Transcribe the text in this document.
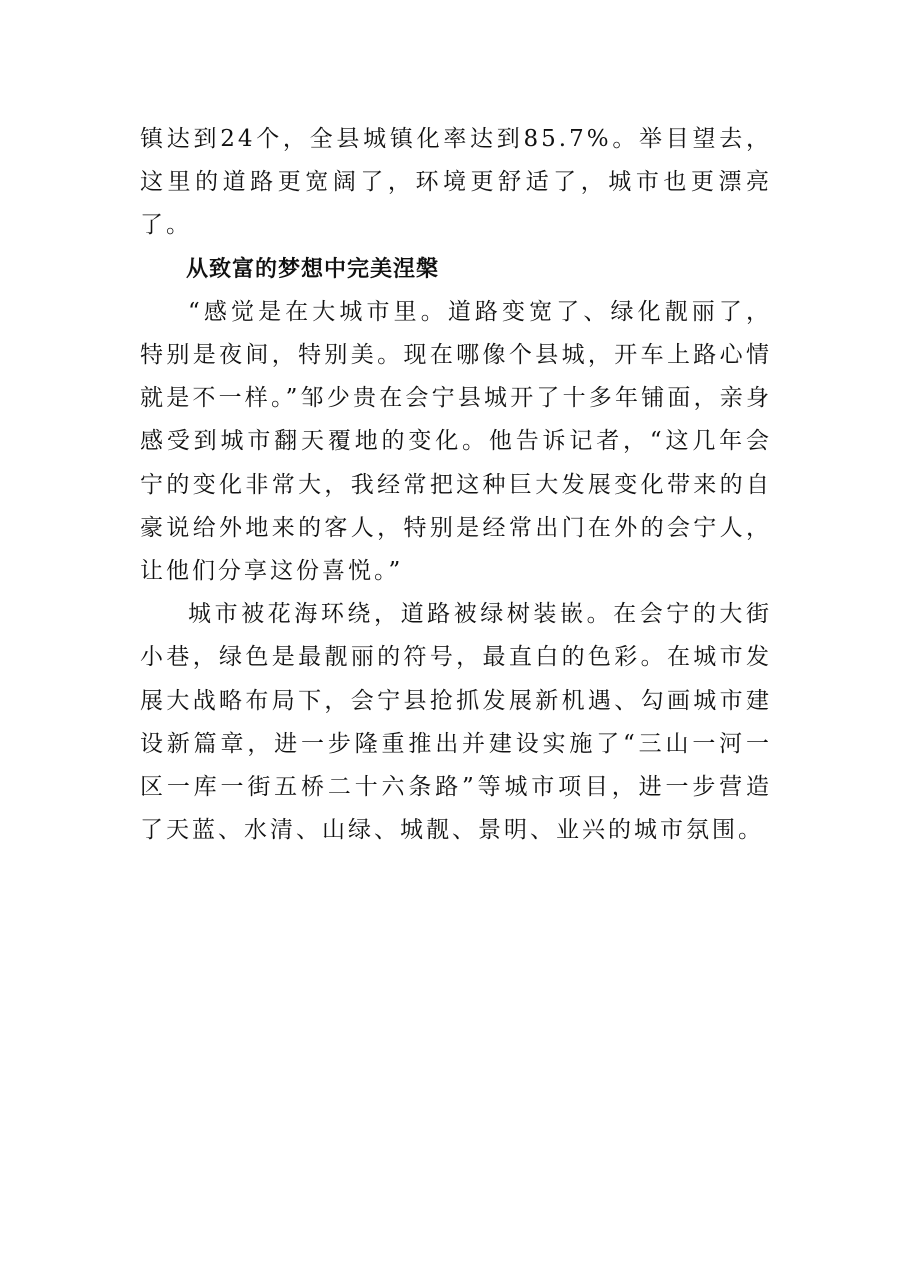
镇达到24个，全县城镇化率达到85.7%。举目望去，这里的道路更宽阔了，环境更舒适了，城市也更漂亮了。

从致富的梦想中完美涅槃

“感觉是在大城市里。道路变宽了、绿化靓丽了，特别是夜间，特别美。现在哪像个县城，开车上路心情就是不一样。”邹少贵在会宁县城开了十多年铺面，亲身感受到城市翻天覆地的变化。他告诉记者，“这几年会宁的变化非常大，我经常把这种巨大发展变化带来的自豪说给外地来的客人，特别是经常出门在外的会宁人，让他们分享这份喜悦。”

城市被花海环绕，道路被绿树装嵌。在会宁的大街小巷，绿色是最靓丽的符号，最直白的色彩。在城市发展大战略布局下，会宁县抢抓发展新机遇、勾画城市建设新篇章，进一步隆重推出并建设实施了“三山一河一区一库一街五桥二十六条路”等城市项目，进一步营造了天蓝、水清、山绿、城靓、景明、业兴的城市氛围。
